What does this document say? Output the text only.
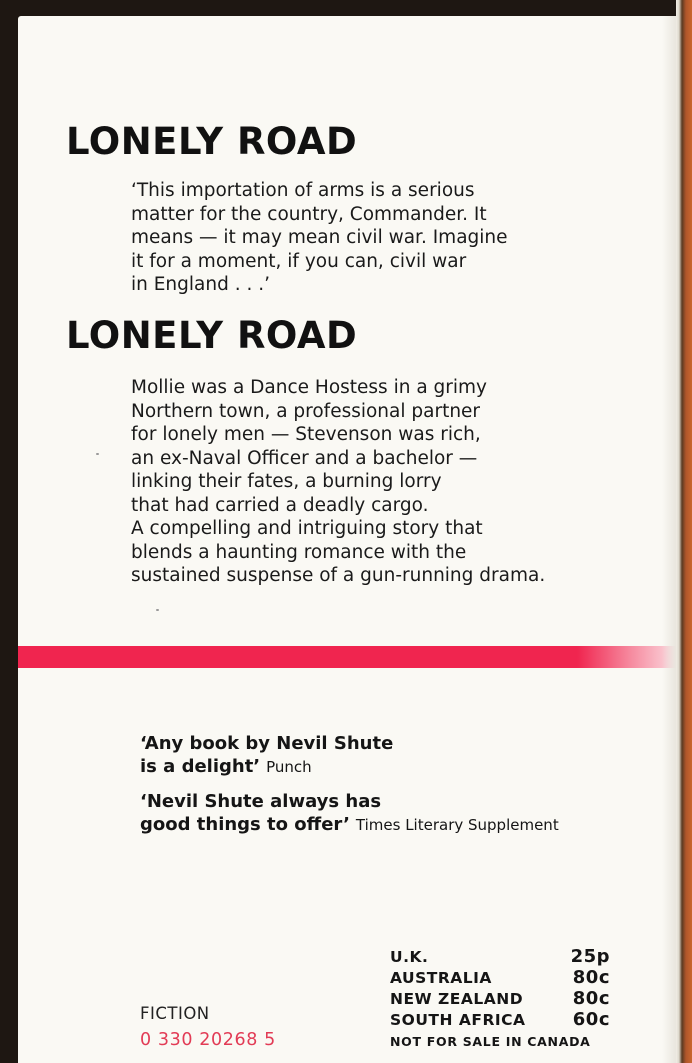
LONELY ROAD
‘This importation of arms is a serious
matter for the country, Commander. It
means — it may mean civil war. Imagine
it for a moment, if you can, civil war
in England . . .’
LONELY ROAD
Mollie was a Dance Hostess in a grimy
Northern town, a professional partner
for lonely men — Stevenson was rich,
an ex-Naval Officer and a bachelor —
linking their fates, a burning lorry
that had carried a deadly cargo.
A compelling and intriguing story that
blends a haunting romance with the
sustained suspense of a gun-running drama.
‘Any book by Nevil Shute
is a delight’ Punch
‘Nevil Shute always has
good things to offer’ Times Literary Supplement
U.K.	25p
AUSTRALIA	80c
NEW ZEALAND	80c
SOUTH AFRICA	60c
FICTION
0 330 20268 5	NOT FOR SALE IN CANADA
